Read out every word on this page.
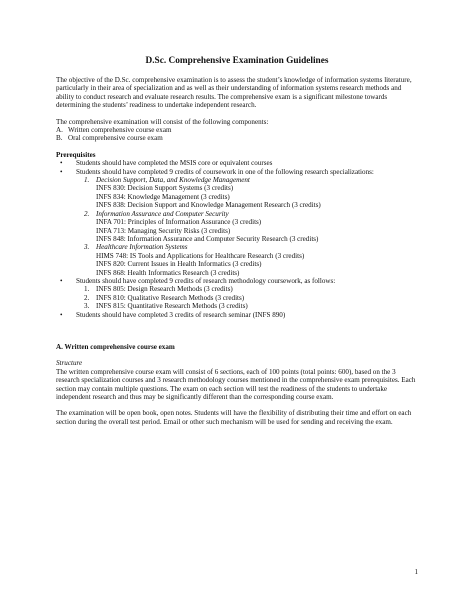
D.Sc. Comprehensive Examination Guidelines

The objective of the D.Sc. comprehensive examination is to assess the student’s knowledge of information systems literature, particularly in their area of specialization and as well as their understanding of information systems research methods and ability to conduct research and evaluate research results. The comprehensive exam is a significant milestone towards determining the students’ readiness to undertake independent research.

The comprehensive examination will consist of the following components:

A. Written comprehensive course exam
B. Oral comprehensive course exam

Prerequisites

•	Students should have completed the MSIS core or equivalent courses
•	Students should have completed 9 credits of coursework in one of the following research specializations:
1. Decision Support, Data, and Knowledge Management
INFS 830: Decision Support Systems (3 credits)
INFS 834: Knowledge Management (3 credits)
INFS 838: Decision Support and Knowledge Management Research (3 credits)
2. Information Assurance and Computer Security
INFA 701: Principles of Information Assurance (3 credits)
INFA 713: Managing Security Risks (3 credits)
INFS 848: Information Assurance and Computer Security Research (3 credits)
3. Healthcare Information Systems
HIMS 748: IS Tools and Applications for Healthcare Research (3 credits)
INFS 820: Current Issues in Health Informatics (3 credits)
INFS 868: Health Informatics Research (3 credits)
•	Students should have completed 9 credits of research methodology coursework, as follows:
1. INFS 805: Design Research Methods (3 credits)
2. INFS 810: Qualitative Research Methods (3 credits)
3. INFS 815: Quantitative Research Methods (3 credits)
•	Students should have completed 3 credits of research seminar (INFS 890)

A. Written comprehensive course exam

Structure

The written comprehensive course exam will consist of 6 sections, each of 100 points (total points: 600), based on the 3 research specialization courses and 3 research methodology courses mentioned in the comprehensive exam prerequisites. Each section may contain multiple questions. The exam on each section will test the readiness of the students to undertake independent research and thus may be significantly different than the corresponding course exam.

The examination will be open book, open notes. Students will have the flexibility of distributing their time and effort on each section during the overall test period. Email or other such mechanism will be used for sending and receiving the exam.

1
